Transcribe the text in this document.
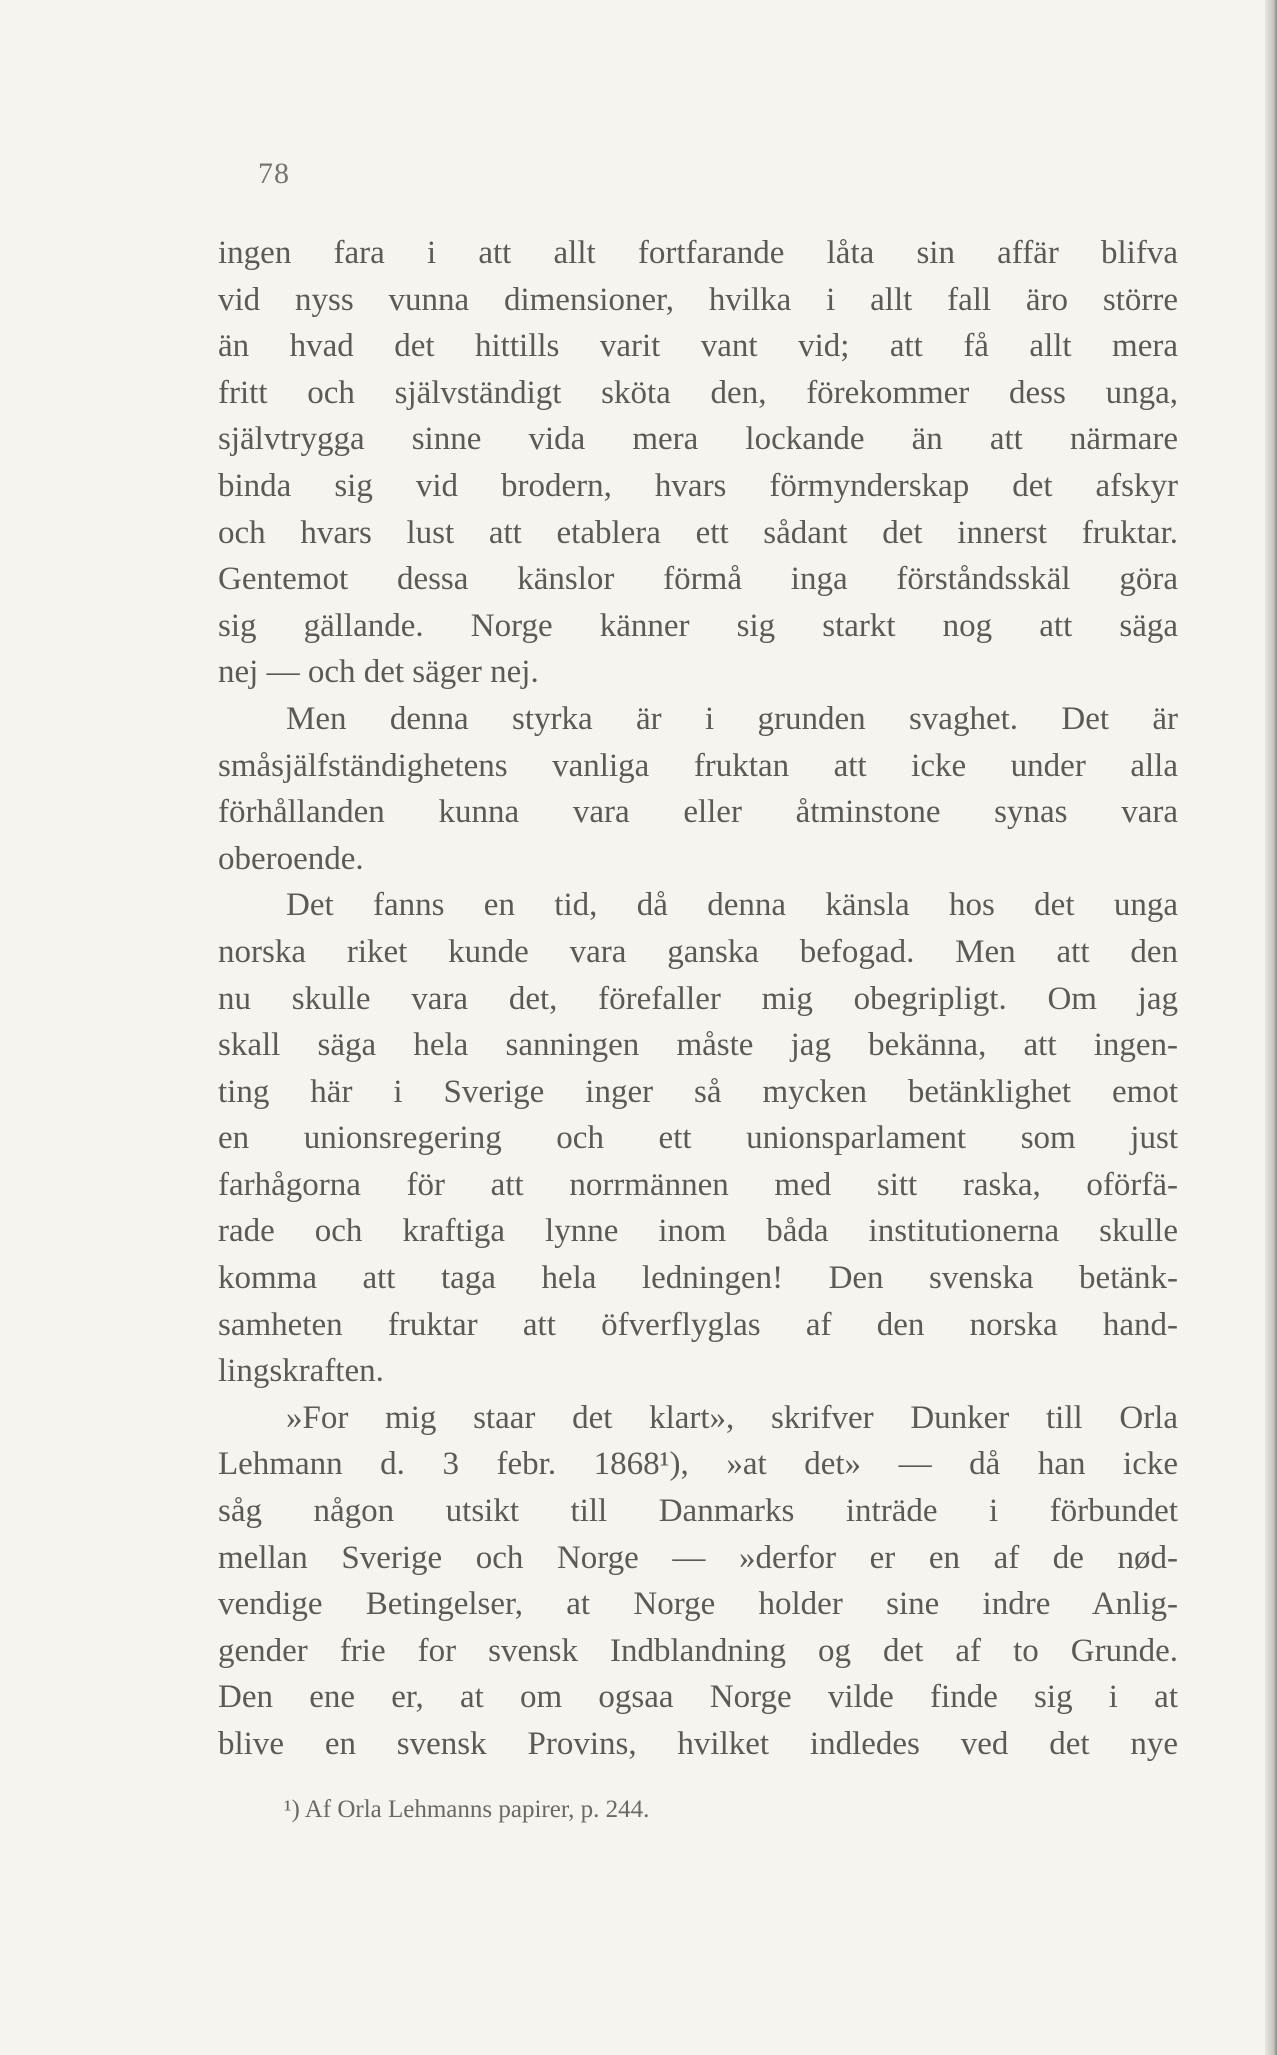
78
ingen fara i att allt fortfarande låta sin affär blifva
vid nyss vunna dimensioner, hvilka i allt fall äro större
än hvad det hittills varit vant vid; att få allt mera
fritt och självständigt sköta den, förekommer dess unga,
självtrygga sinne vida mera lockande än att närmare
binda sig vid brodern, hvars förmynderskap det afskyr
och hvars lust att etablera ett sådant det innerst fruktar.
Gentemot dessa känslor förmå inga förståndsskäl göra
sig gällande. Norge känner sig starkt nog att säga
nej — och det säger nej.
Men denna styrka är i grunden svaghet. Det är
småsjälfständighetens vanliga fruktan att icke under alla
förhållanden kunna vara eller åtminstone synas vara
oberoende.
Det fanns en tid, då denna känsla hos det unga
norska riket kunde vara ganska befogad. Men att den
nu skulle vara det, förefaller mig obegripligt. Om jag
skall säga hela sanningen måste jag bekänna, att ingen-
ting här i Sverige inger så mycken betänklighet emot
en unionsregering och ett unionsparlament som just
farhågorna för att norrmännen med sitt raska, oförfä-
rade och kraftiga lynne inom båda institutionerna skulle
komma att taga hela ledningen! Den svenska betänk-
samheten fruktar att öfverflyglas af den norska hand-
lingskraften.
»For mig staar det klart», skrifver Dunker till Orla
Lehmann d. 3 febr. 1868¹), »at det» — då han icke
såg någon utsikt till Danmarks inträde i förbundet
mellan Sverige och Norge — »derfor er en af de nød-
vendige Betingelser, at Norge holder sine indre Anlig-
gender frie for svensk Indblandning og det af to Grunde.
Den ene er, at om ogsaa Norge vilde finde sig i at
blive en svensk Provins, hvilket indledes ved det nye
¹) Af Orla Lehmanns papirer, p. 244.
